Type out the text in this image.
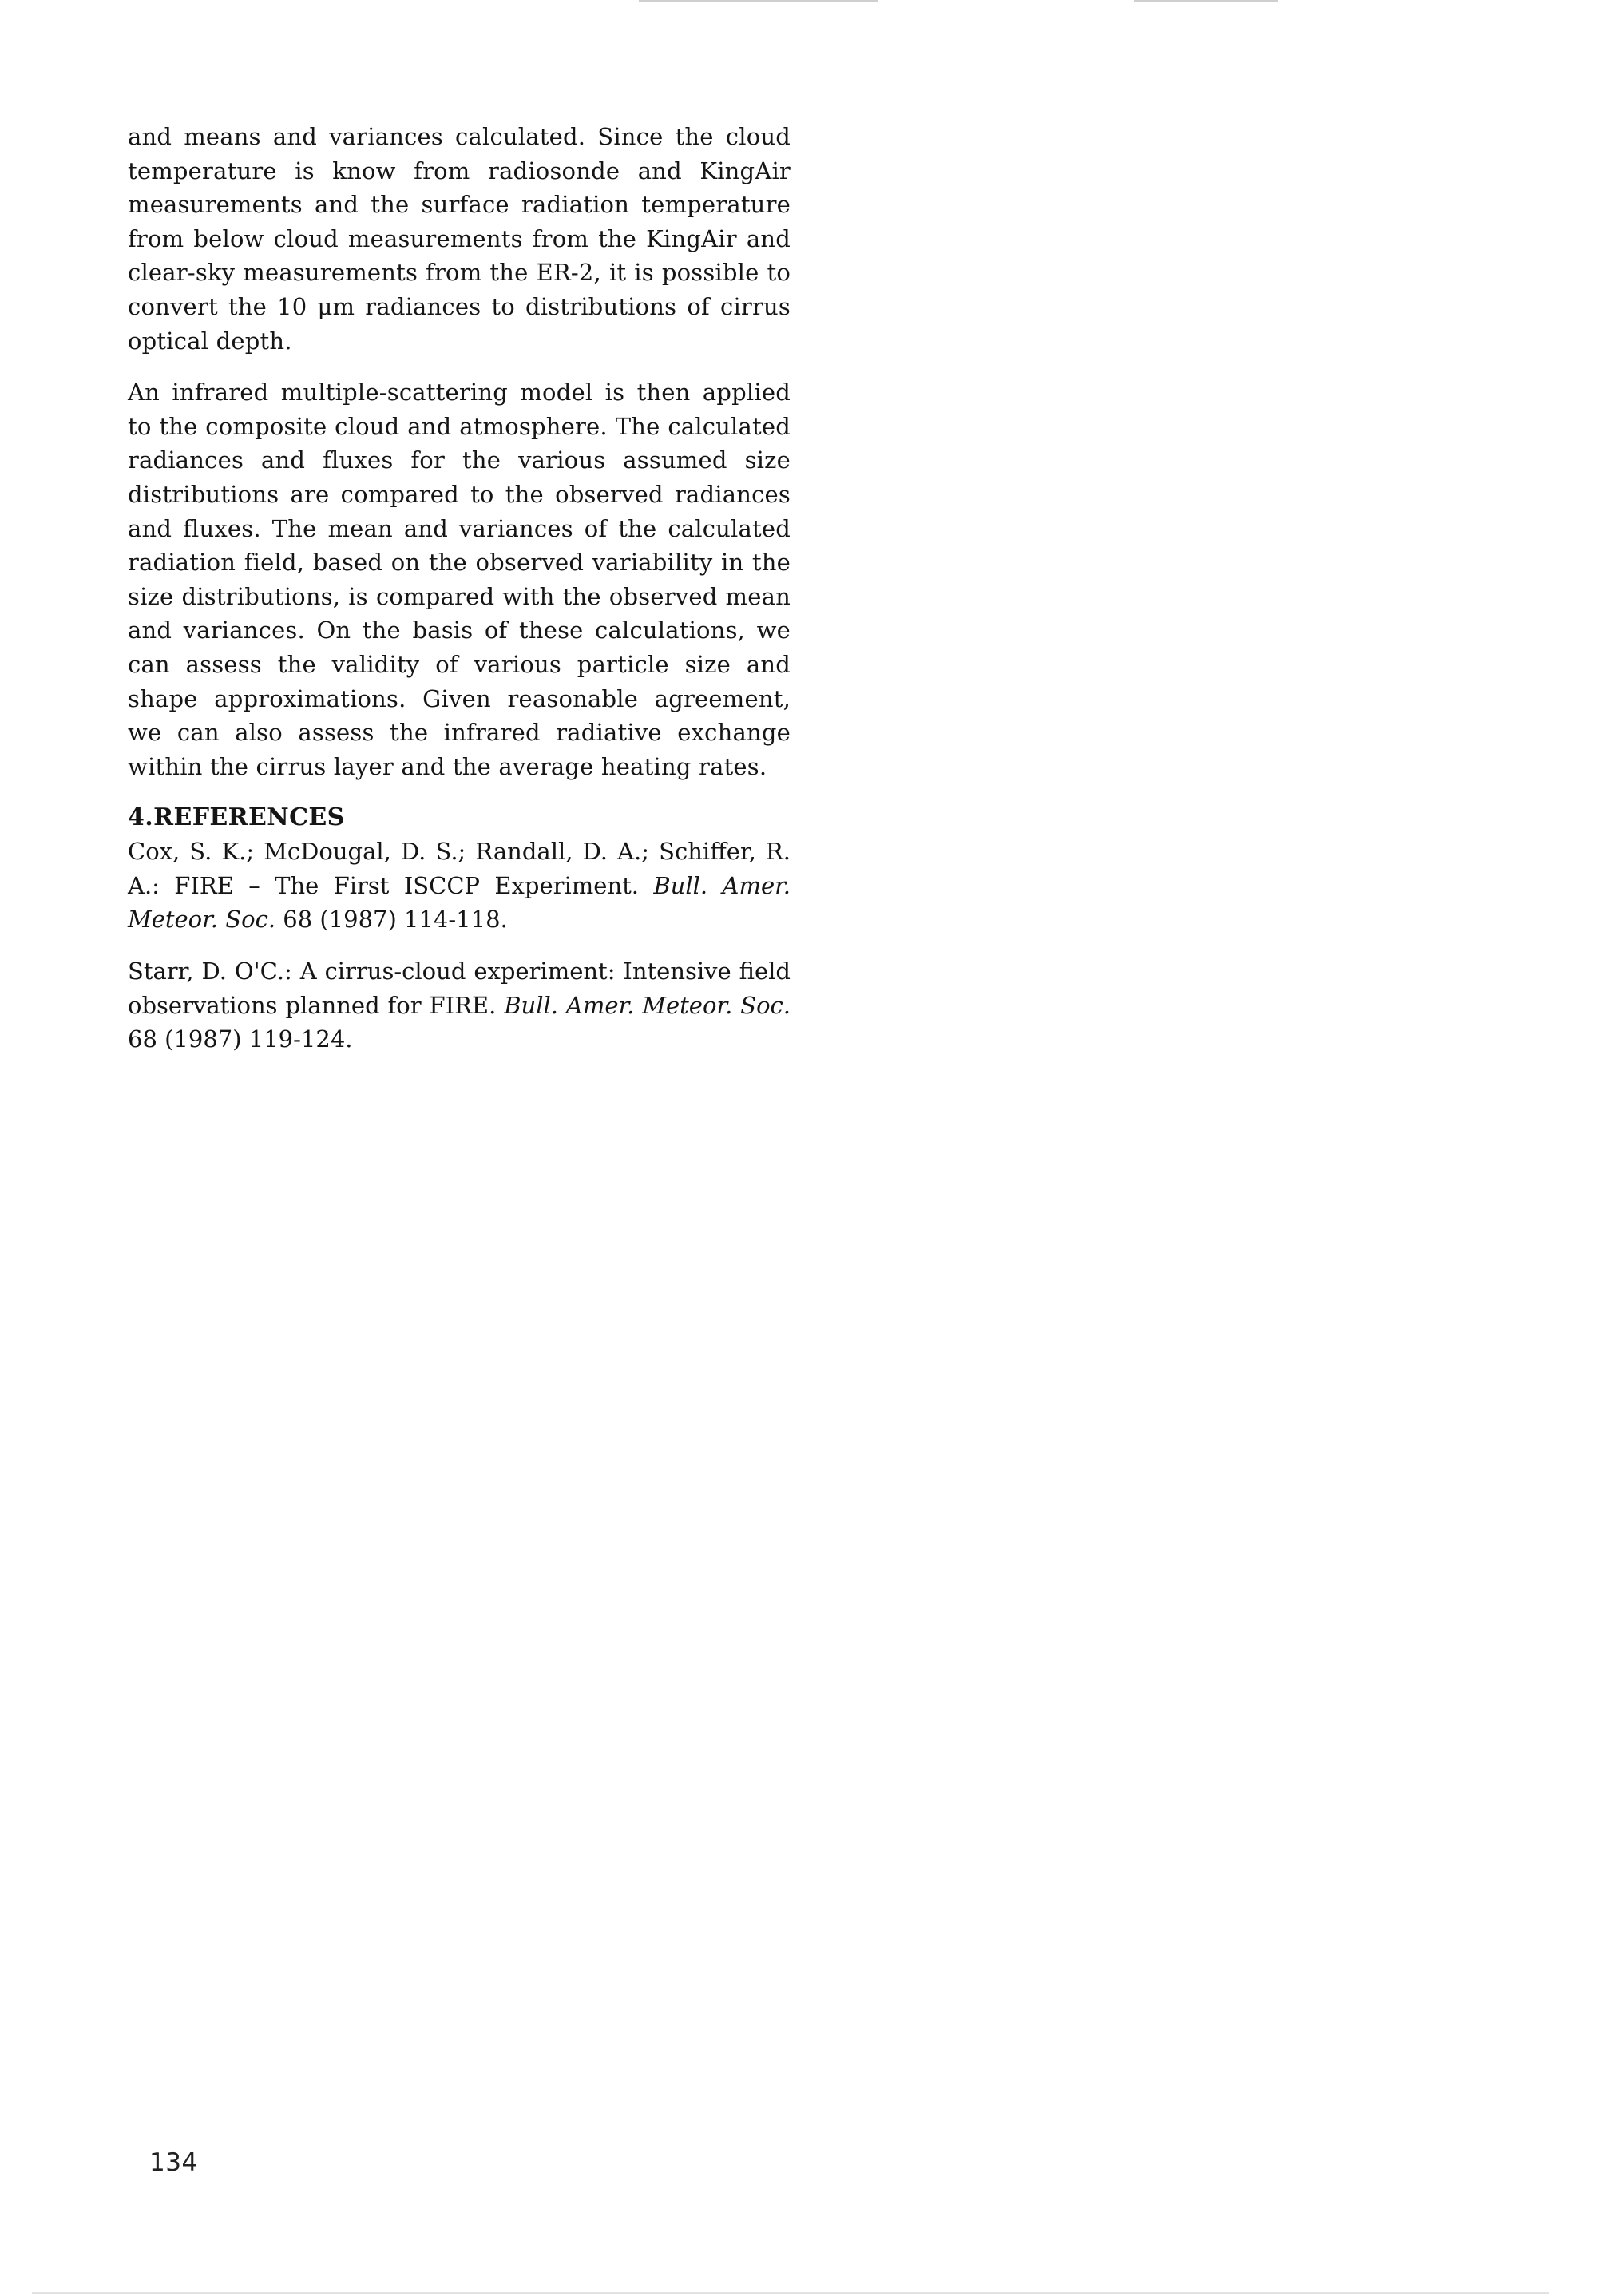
and means and variances calculated. Since the cloud temperature is know from radiosonde and KingAir measurements and the surface radiation temperature from below cloud measurements from the KingAir and clear-sky measurements from the ER-2, it is possible to convert the 10 μm radiances to distributions of cirrus optical depth.

An infrared multiple-scattering model is then applied to the composite cloud and atmosphere. The calculated radiances and fluxes for the various assumed size distributions are compared to the observed radiances and fluxes. The mean and variances of the calculated radiation field, based on the observed variability in the size distributions, is compared with the observed mean and variances. On the basis of these calculations, we can assess the validity of various particle size and shape approximations. Given reasonable agreement, we can also assess the infrared radiative exchange within the cirrus layer and the average heating rates.

4.REFERENCES

Cox, S. K.; McDougal, D. S.; Randall, D. A.; Schiffer, R. A.: FIRE – The First ISCCP Experiment. Bull. Amer. Meteor. Soc. 68 (1987) 114-118.

Starr, D. O'C.: A cirrus-cloud experiment: Intensive field observations planned for FIRE. Bull. Amer. Meteor. Soc. 68 (1987) 119-124.

134
